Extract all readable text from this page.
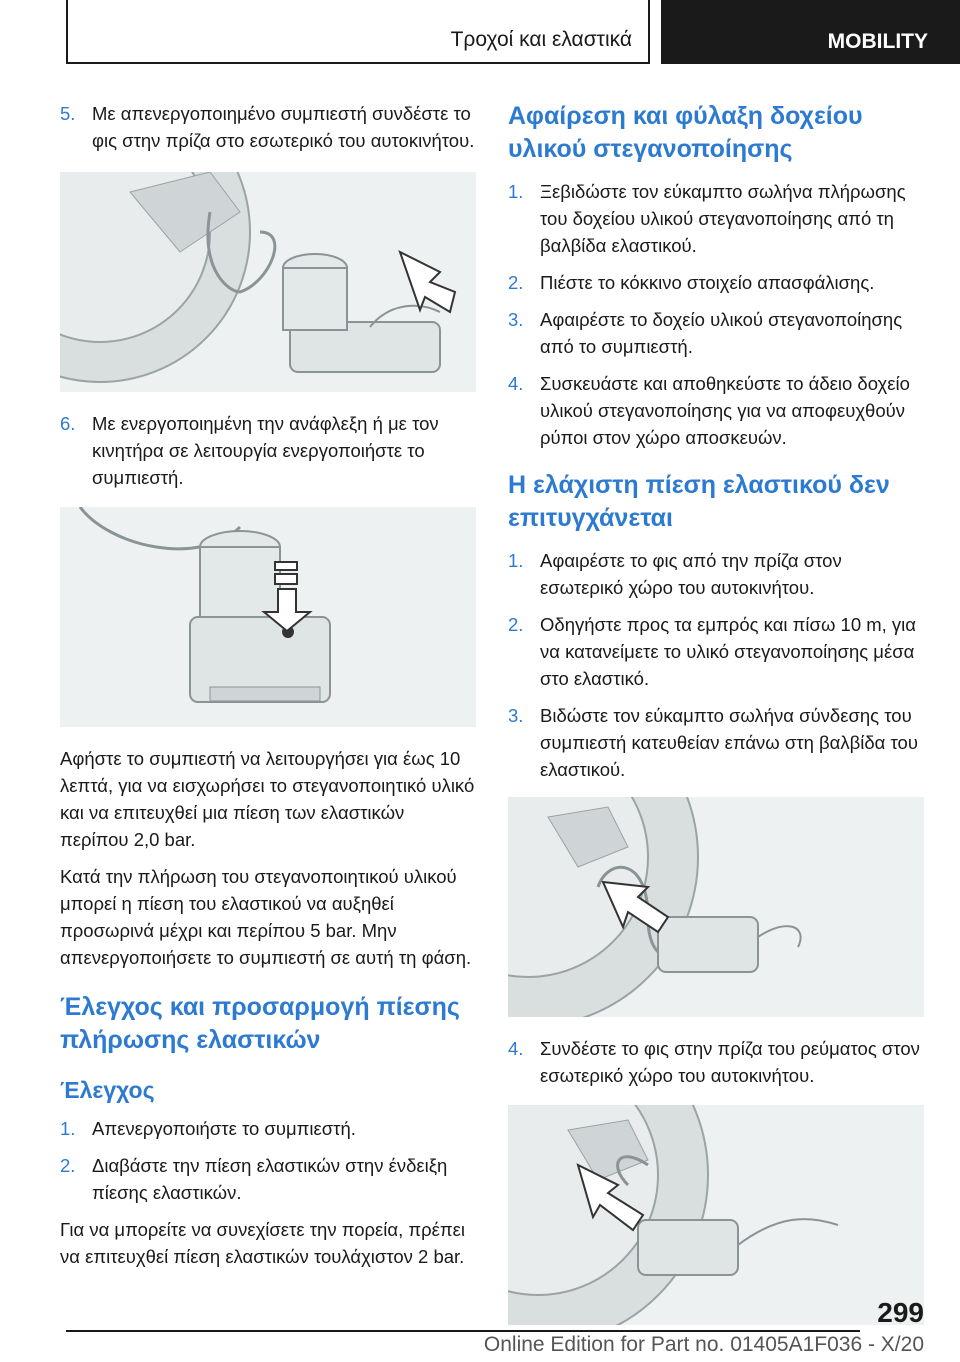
Τροχοί και ελαστικά	MOBILITY
5. Με απενεργοποιημένο συμπιεστή συνδέστε το φις στην πρίζα στο εσωτερικό του αυτοκινήτου.
6. Με ενεργοποιημένη την ανάφλεξη ή με τον κινητήρα σε λειτουργία ενεργοποιήστε το συμπιεστή.

Αφήστε το συμπιεστή να λειτουργήσει για έως 10 λεπτά, για να εισχωρήσει το στεγανοποιητικό υλικό και να επιτευχθεί μια πίεση των ελαστικών περίπου 2,0 bar.

Κατά την πλήρωση του στεγανοποιητικού υλικού μπορεί η πίεση του ελαστικού να αυξηθεί προσωρινά μέχρι και περίπου 5 bar. Μην απενεργοποιήσετε το συμπιεστή σε αυτή τη φάση.

Έλεγχος και προσαρμογή πίεσης πλήρωσης ελαστικών
Έλεγχος
1. Απενεργοποιήστε το συμπιεστή.
2. Διαβάστε την πίεση ελαστικών στην ένδειξη πίεσης ελαστικών.

Για να μπορείτε να συνεχίσετε την πορεία, πρέπει να επιτευχθεί πίεση ελαστικών τουλάχιστον 2 bar.

Αφαίρεση και φύλαξη δοχείου υλικού στεγανοποίησης
1. Ξεβιδώστε τον εύκαμπτο σωλήνα πλήρωσης του δοχείου υλικού στεγανοποίησης από τη βαλβίδα ελαστικού.
2. Πιέστε το κόκκινο στοιχείο απασφάλισης.
3. Αφαιρέστε το δοχείο υλικού στεγανοποίησης από το συμπιεστή.
4. Συσκευάστε και αποθηκεύστε το άδειο δοχείο υλικού στεγανοποίησης για να αποφευχθούν ρύποι στον χώρο αποσκευών.
Η ελάχιστη πίεση ελαστικού δεν επιτυγχάνεται
1. Αφαιρέστε το φις από την πρίζα στον εσωτερικό χώρο του αυτοκινήτου.
2. Οδηγήστε προς τα εμπρός και πίσω 10 m, για να κατανείμετε το υλικό στεγανοποίησης μέσα στο ελαστικό.
3. Βιδώστε τον εύκαμπτο σωλήνα σύνδεσης του συμπιεστή κατευθείαν επάνω στη βαλβίδα του ελαστικού.
4. Συνδέστε το φις στην πρίζα του ρεύματος στον εσωτερικό χώρο του αυτοκινήτου.
299
Online Edition for Part no. 01405A1F036 - X/20
